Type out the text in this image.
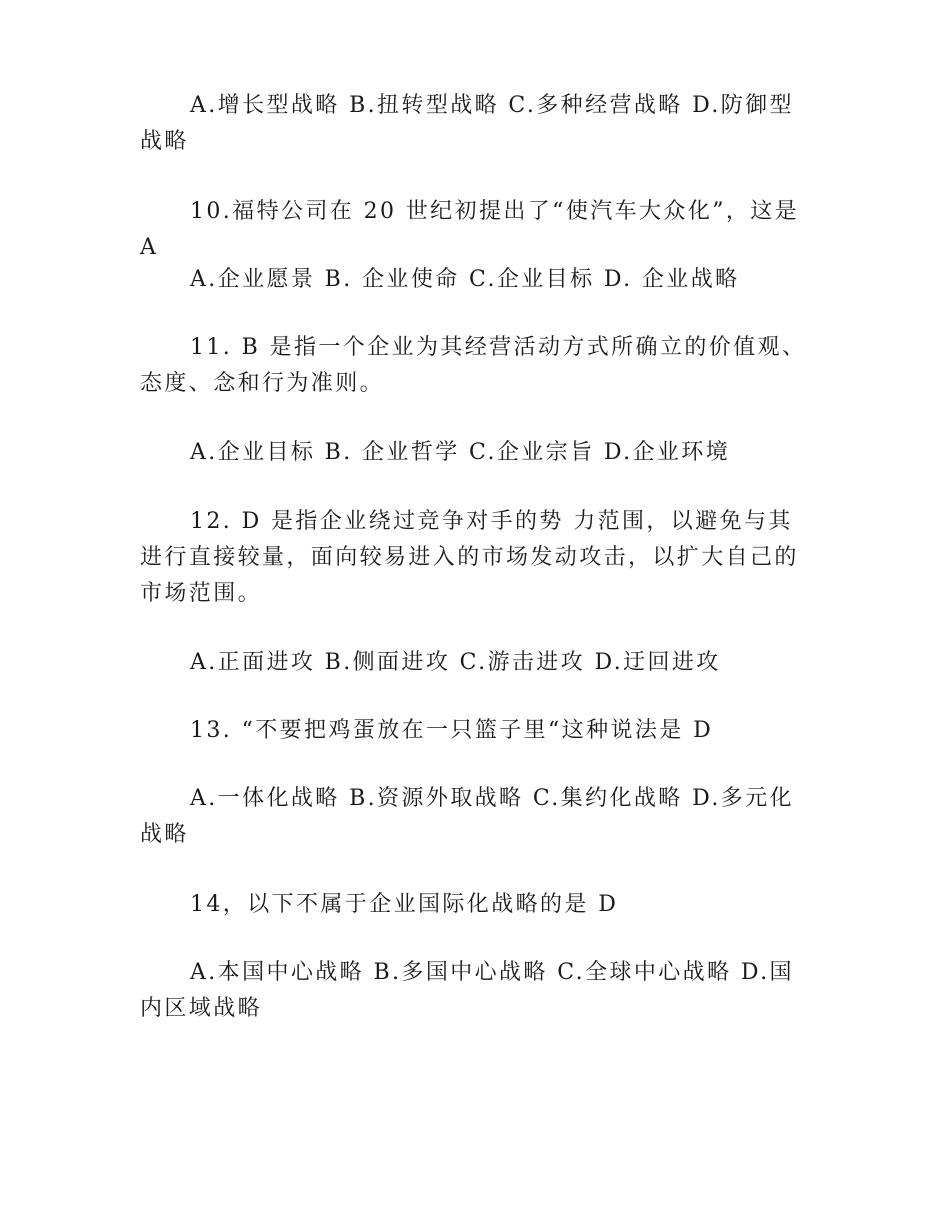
A.增长型战略 B.扭转型战略 C.多种经营战略 D.防御型战略

10.福特公司在 20 世纪初提出了“使汽车大众化”，这是 A

A.企业愿景 B. 企业使命 C.企业目标 D. 企业战略

11. B 是指一个企业为其经营活动方式所确立的价值观、态度、念和行为准则。

A.企业目标 B. 企业哲学 C.企业宗旨 D.企业环境

12. D 是指企业绕过竞争对手的势 力范围，以避免与其进行直接较量，面向较易进入的市场发动攻击，以扩大自己的市场范围。

A.正面进攻 B.侧面进攻 C.游击进攻 D.迂回进攻

13. “不要把鸡蛋放在一只篮子里“这种说法是 D

A.一体化战略 B.资源外取战略 C.集约化战略 D.多元化战略

14，以下不属于企业国际化战略的是 D

A.本国中心战略 B.多国中心战略 C.全球中心战略 D.国内区域战略
